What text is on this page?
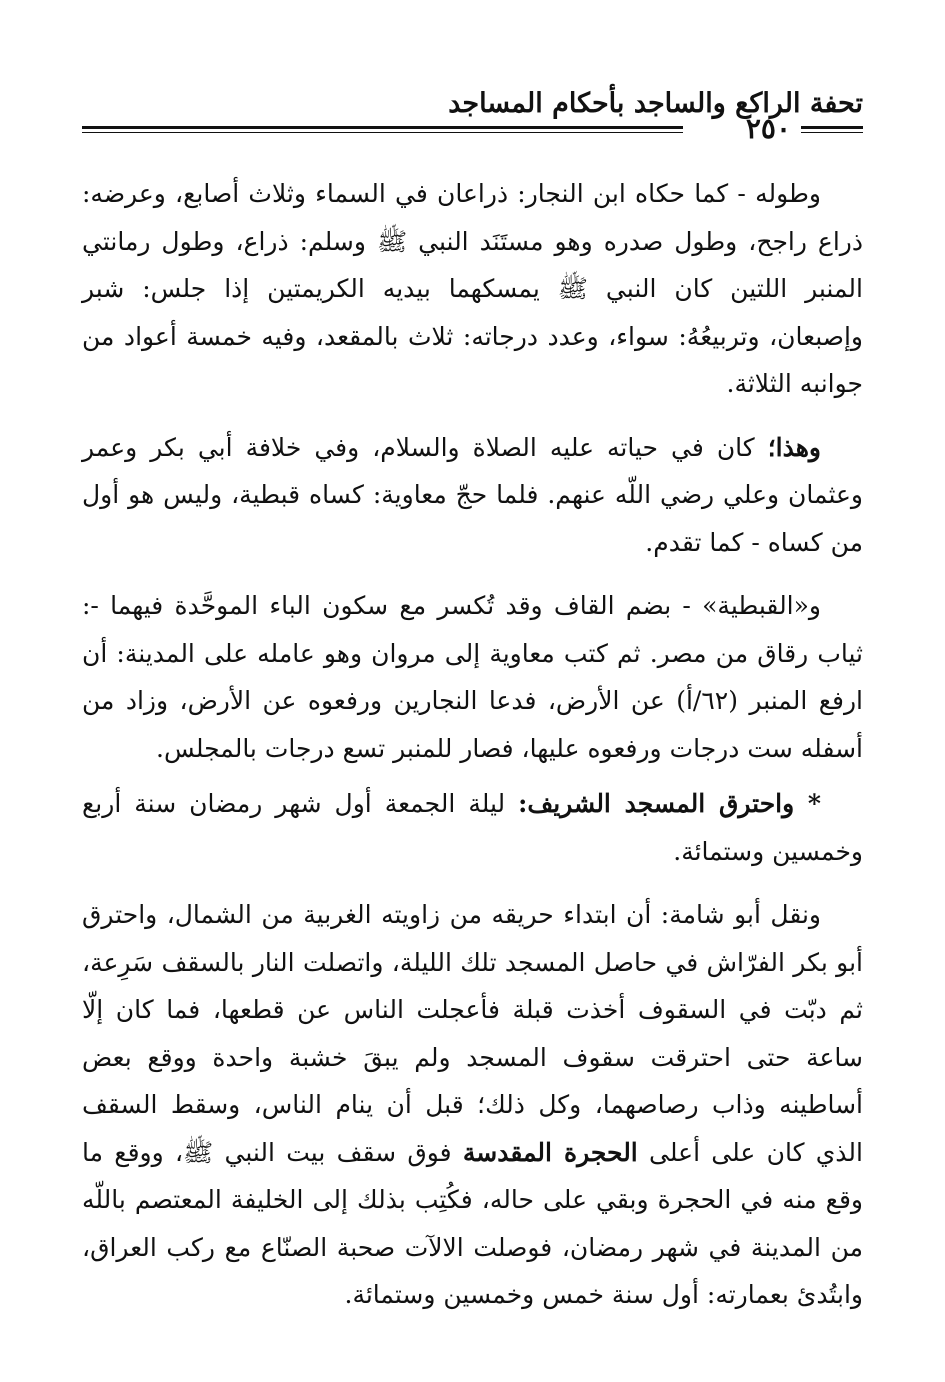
تحفة الراكع والساجد بأحكام المساجد
٢٥٠

وطوله - كما حكاه ابن النجار: ذراعان في السماء وثلاث أصابع، وعرضه: ذراع راجح، وطول صدره وهو مستَنَد النبي ﷺ وسلم: ذراع، وطول رمانتي المنبر اللتين كان النبي ﷺ يمسكهما بيديه الكريمتين إذا جلس: شبر وإصبعان، وتربيعُهُ: سواء، وعدد درجاته: ثلاث بالمقعد، وفيه خمسة أعواد من جوانبه الثلاثة.

وهذا؛ كان في حياته عليه الصلاة والسلام، وفي خلافة أبي بكر وعمر وعثمان وعلي رضي اللّه عنهم. فلما حجّ معاوية: كساه قبطية، وليس هو أول من كساه - كما تقدم.

و«القبطية» - بضم القاف وقد تُكسر مع سكون الباء الموحَّدة فيهما -: ثياب رقاق من مصر. ثم كتب معاوية إلى مروان وهو عامله على المدينة: أن ارفع المنبر (٦٢/أ) عن الأرض، فدعا النجارين ورفعوه عن الأرض، وزاد من أسفله ست درجات ورفعوه عليها، فصار للمنبر تسع درجات بالمجلس.

* واحترق المسجد الشريف: ليلة الجمعة أول شهر رمضان سنة أربع وخمسين وستمائة.

ونقل أبو شامة: أن ابتداء حريقه من زاويته الغربية من الشمال، واحترق أبو بكر الفرّاش في حاصل المسجد تلك الليلة، واتصلت النار بالسقف سَرِعة، ثم دبّت في السقوف أخذت قبلة فأعجلت الناس عن قطعها، فما كان إلّا ساعة حتى احترقت سقوف المسجد ولم يبقَ خشبة واحدة ووقع بعض أساطينه وذاب رصاصهما، وكل ذلك؛ قبل أن ينام الناس، وسقط السقف الذي كان على أعلى الحجرة المقدسة فوق سقف بيت النبي ﷺ، ووقع ما وقع منه في الحجرة وبقي على حاله، فكُتِب بذلك إلى الخليفة المعتصم باللّه من المدينة في شهر رمضان، فوصلت الالآت صحبة الصنّاع مع ركب العراق، وابتُدئ بعمارته: أول سنة خمس وخمسين وستمائة.
